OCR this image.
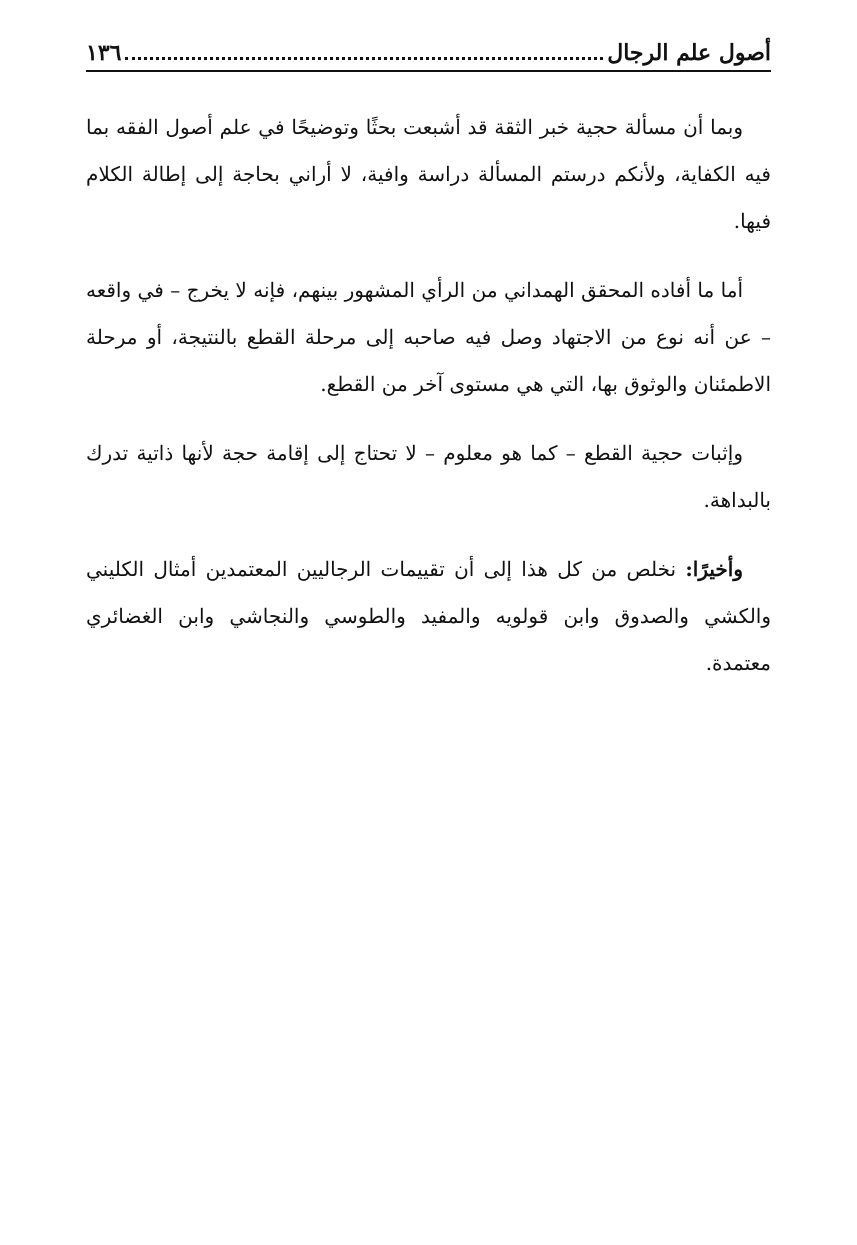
أصول علم الرجال
١٣٦

وبما أن مسألة حجية خبر الثقة قد أشبعت بحثًا وتوضيحًا في علم أصول الفقه بما فيه الكفاية، ولأنكم درستم المسألة دراسة وافية، لا أراني بحاجة إلى إطالة الكلام فيها.

أما ما أفاده المحقق الهمداني من الرأي المشهور بينهم، فإنه لا يخرج – في واقعه – عن أنه نوع من الاجتهاد وصل فيه صاحبه إلى مرحلة القطع بالنتيجة، أو مرحلة الاطمئنان والوثوق بها، التي هي مستوى آخر من القطع.

وإثبات حجية القطع – كما هو معلوم – لا تحتاج إلى إقامة حجة لأنها ذاتية تدرك بالبداهة.

وأخيرًا: نخلص من كل هذا إلى أن تقييمات الرجاليين المعتمدين أمثال الكليني والكشي والصدوق وابن قولويه والمفيد والطوسي والنجاشي وابن الغضائري معتمدة.
